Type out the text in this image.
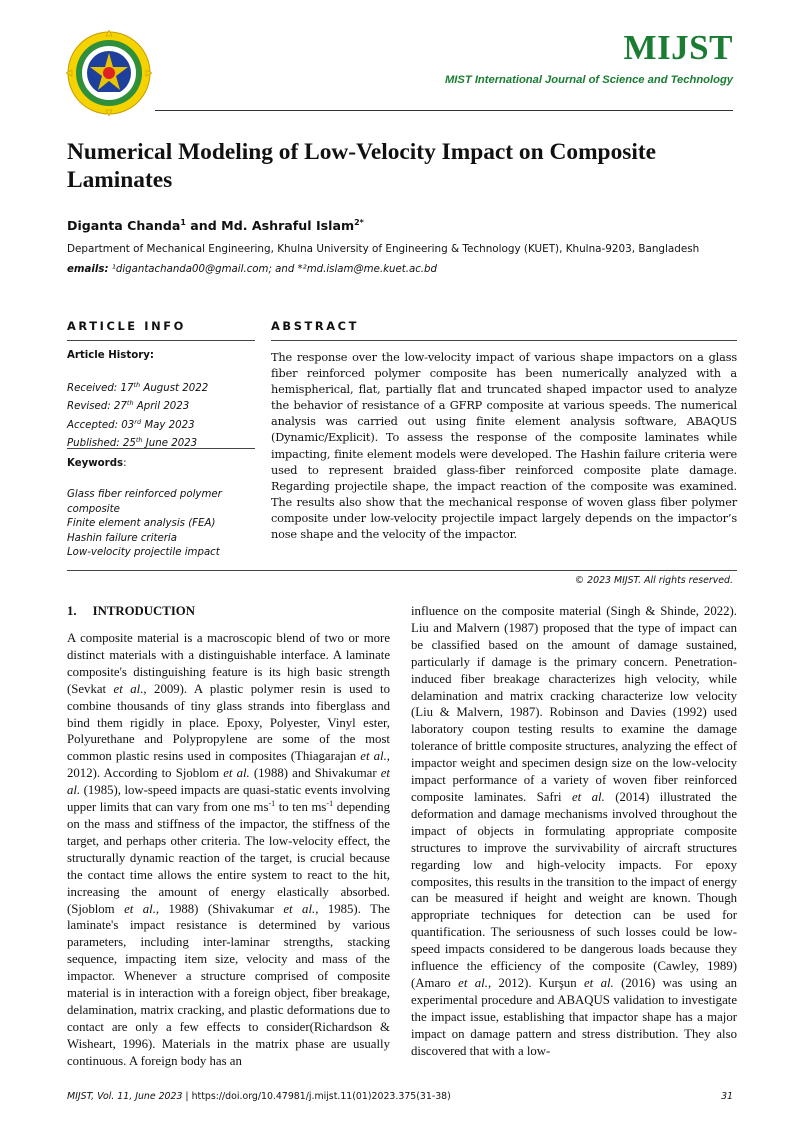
MIJST
MIST International Journal of Science and Technology
Numerical Modeling of Low-Velocity Impact on Composite Laminates
Diganta Chanda$^1$ and Md. Ashraful Islam$^{2*}$
Department of Mechanical Engineering, Khulna University of Engineering & Technology (KUET), Khulna-9203, Bangladesh
emails: ¹digantachanda00@gmail.com; and *²md.islam@me.kuet.ac.bd
ARTICLE INFO	ABSTRACT
Article History:
Received: 17th August 2022
Revised: 27th April 2023
Accepted: 03rd May 2023
Published: 25th June 2023
Keywords:
Glass fiber reinforced polymer composite
Finite element analysis (FEA)
Hashin failure criteria
Low-velocity projectile impact

The response over the low-velocity impact of various shape impactors on a glass fiber reinforced polymer composite has been numerically analyzed with a hemispherical, flat, partially flat and truncated shaped impactor used to analyze the behavior of resistance of a GFRP composite at various speeds. The numerical analysis was carried out using finite element analysis software, ABAQUS (Dynamic/Explicit). To assess the response of the composite laminates while impacting, finite element models were developed. The Hashin failure criteria were used to represent braided glass-fiber reinforced composite plate damage. Regarding projectile shape, the impact reaction of the composite was examined. The results also show that the mechanical response of woven glass fiber polymer composite under low-velocity projectile impact largely depends on the impactor’s nose shape and the velocity of the impactor.

© 2023 MIJST. All rights reserved.
1. INTRODUCTION

A composite material is a macroscopic blend of two or more distinct materials with a distinguishable interface. A laminate composite's distinguishing feature is its high basic strength (Sevkat et al., 2009). A plastic polymer resin is used to combine thousands of tiny glass strands into fiberglass and bind them rigidly in place. Epoxy, Polyester, Vinyl ester, Polyurethane and Polypropylene are some of the most common plastic resins used in composites (Thiagarajan et al., 2012). According to Sjoblom et al. (1988) and Shivakumar et al. (1985), low-speed impacts are quasi-static events involving upper limits that can vary from one $ms^{-1}$ to ten $ms^{-1}$ depending on the mass and stiffness of the impactor, the stiffness of the target, and perhaps other criteria. The low-velocity effect, the structurally dynamic reaction of the target, is crucial because the contact time allows the entire system to react to the hit, increasing the amount of energy elastically absorbed. (Sjoblom et al., 1988) (Shivakumar et al., 1985). The laminate's impact resistance is determined by various parameters, including inter-laminar strengths, stacking sequence, impacting item size, velocity and mass of the impactor. Whenever a structure comprised of composite material is in interaction with a foreign object, fiber breakage, delamination, matrix cracking, and plastic deformations due to contact are only a few effects to consider(Richardson & Wisheart, 1996). Materials in the matrix phase are usually continuous. A foreign body has an

influence on the composite material (Singh & Shinde, 2022). Liu and Malvern (1987) proposed that the type of impact can be classified based on the amount of damage sustained, particularly if damage is the primary concern. Penetration-induced fiber breakage characterizes high velocity, while delamination and matrix cracking characterize low velocity (Liu & Malvern, 1987). Robinson and Davies (1992) used laboratory coupon testing results to examine the damage tolerance of brittle composite structures, analyzing the effect of impactor weight and specimen design size on the low-velocity impact performance of a variety of woven fiber reinforced composite laminates. Safri et al. (2014) illustrated the deformation and damage mechanisms involved throughout the impact of objects in formulating appropriate composite structures to improve the survivability of aircraft structures regarding low and high-velocity impacts. For epoxy composites, this results in the transition to the impact of energy can be measured if height and weight are known. Though appropriate techniques for detection can be used for quantification. The seriousness of such losses could be low-speed impacts considered to be dangerous loads because they influence the efficiency of the composite (Cawley, 1989) (Amaro et al., 2012). Kurşun et al. (2016) was using an experimental procedure and ABAQUS validation to investigate the impact issue, establishing that impactor shape has a major impact on damage pattern and stress distribution. They also discovered that with a low-

MIJST, Vol. 11, June 2023 | https://doi.org/10.47981/j.mijst.11(01)2023.375(31-38)	31
